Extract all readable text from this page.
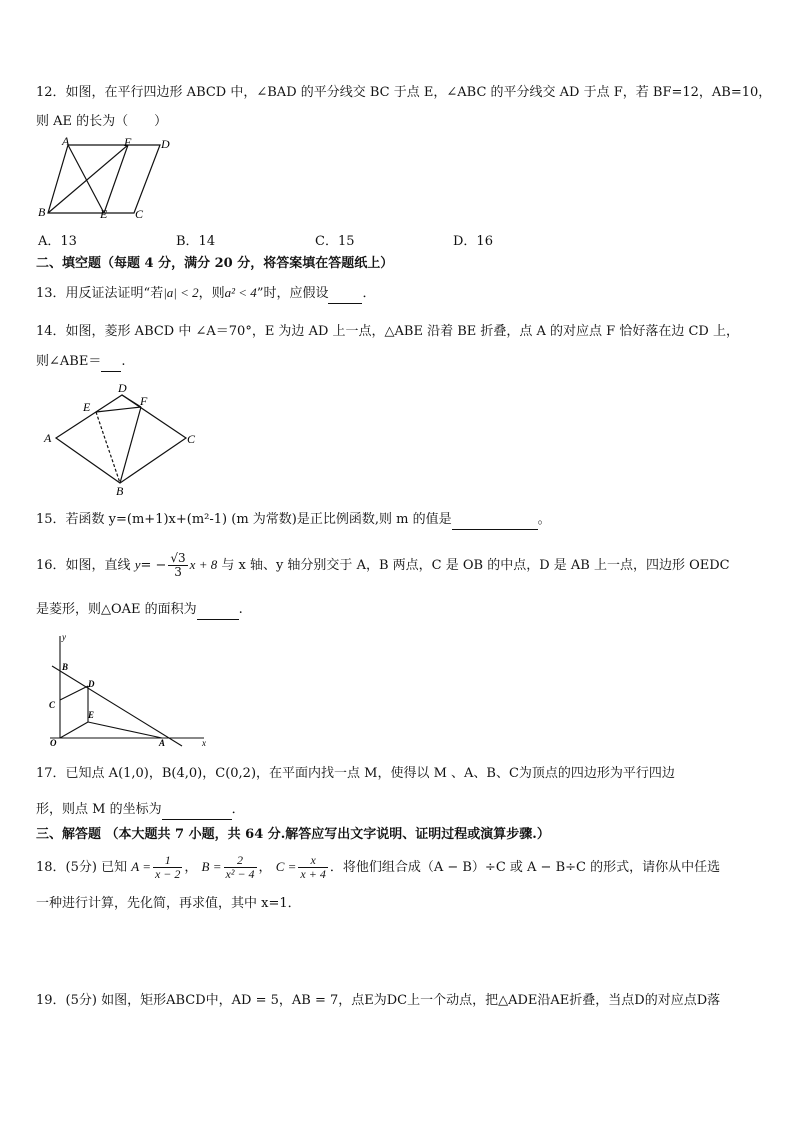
12．如图，在平行四边形 ABCD 中，∠BAD 的平分线交 BC 于点 E，∠ABC 的平分线交 AD 于点 F，若 BF=12，AB=10，
则 AE 的长为（　　）
A	F D
B	E C
A．13	B．14	C．15	D．16
二、填空题（每题 4 分，满分 20 分，将答案填在答题纸上）
13．用反证法证明“若|a| < 2，则a² < 4”时，应假设	．
14．如图，菱形 ABCD 中 ∠A＝70°，E 为边 AD 上一点，△ABE 沿着 BE 折叠，点 A 的对应点 F 恰好落在边 CD 上，
则∠ABE＝ .
A
D
E	F
C
B
15．若函数 y=(m+1)x+(m²-1) (m 为常数)是正比例函数,则 m 的值是	。
16．如图，直线 $y= - \frac{√3}{3}$ x + 8 与 x 轴、y 轴分别交于 A，B 两点，C 是 OB 的中点，D 是 AB 上一点，四边形 OEDC
是菱形，则△OAE 的面积为	.
y
B
D
C
E
O	A	x
17．已知点 A(1,0)，B(4,0)，C(0,2)，在平面内找一点 M，使得以 M 、A、B、C为顶点的四边形为平行四边
形，则点 M 的坐标为	．
三、解答题 （本大题共 7 小题，共 64 分.解答应写出文字说明、证明过程或演算步骤.）
18．(5分) 已知 $A = \frac{1}{x - 2}$ ， $B = \frac{2}{\text{x² − 4}}$ ， $C = \frac{x}{x + 4}$ ．将他们组合成（A − B）÷C 或 A − B÷C 的形式，请你从中任选
一种进行计算，先化简，再求值，其中 x=1．
19．(5分) 如图，矩形ABCD中，AD = 5，AB = 7，点E为DC上一个动点，把△ADE沿AE折叠，当点D的对应点D落
